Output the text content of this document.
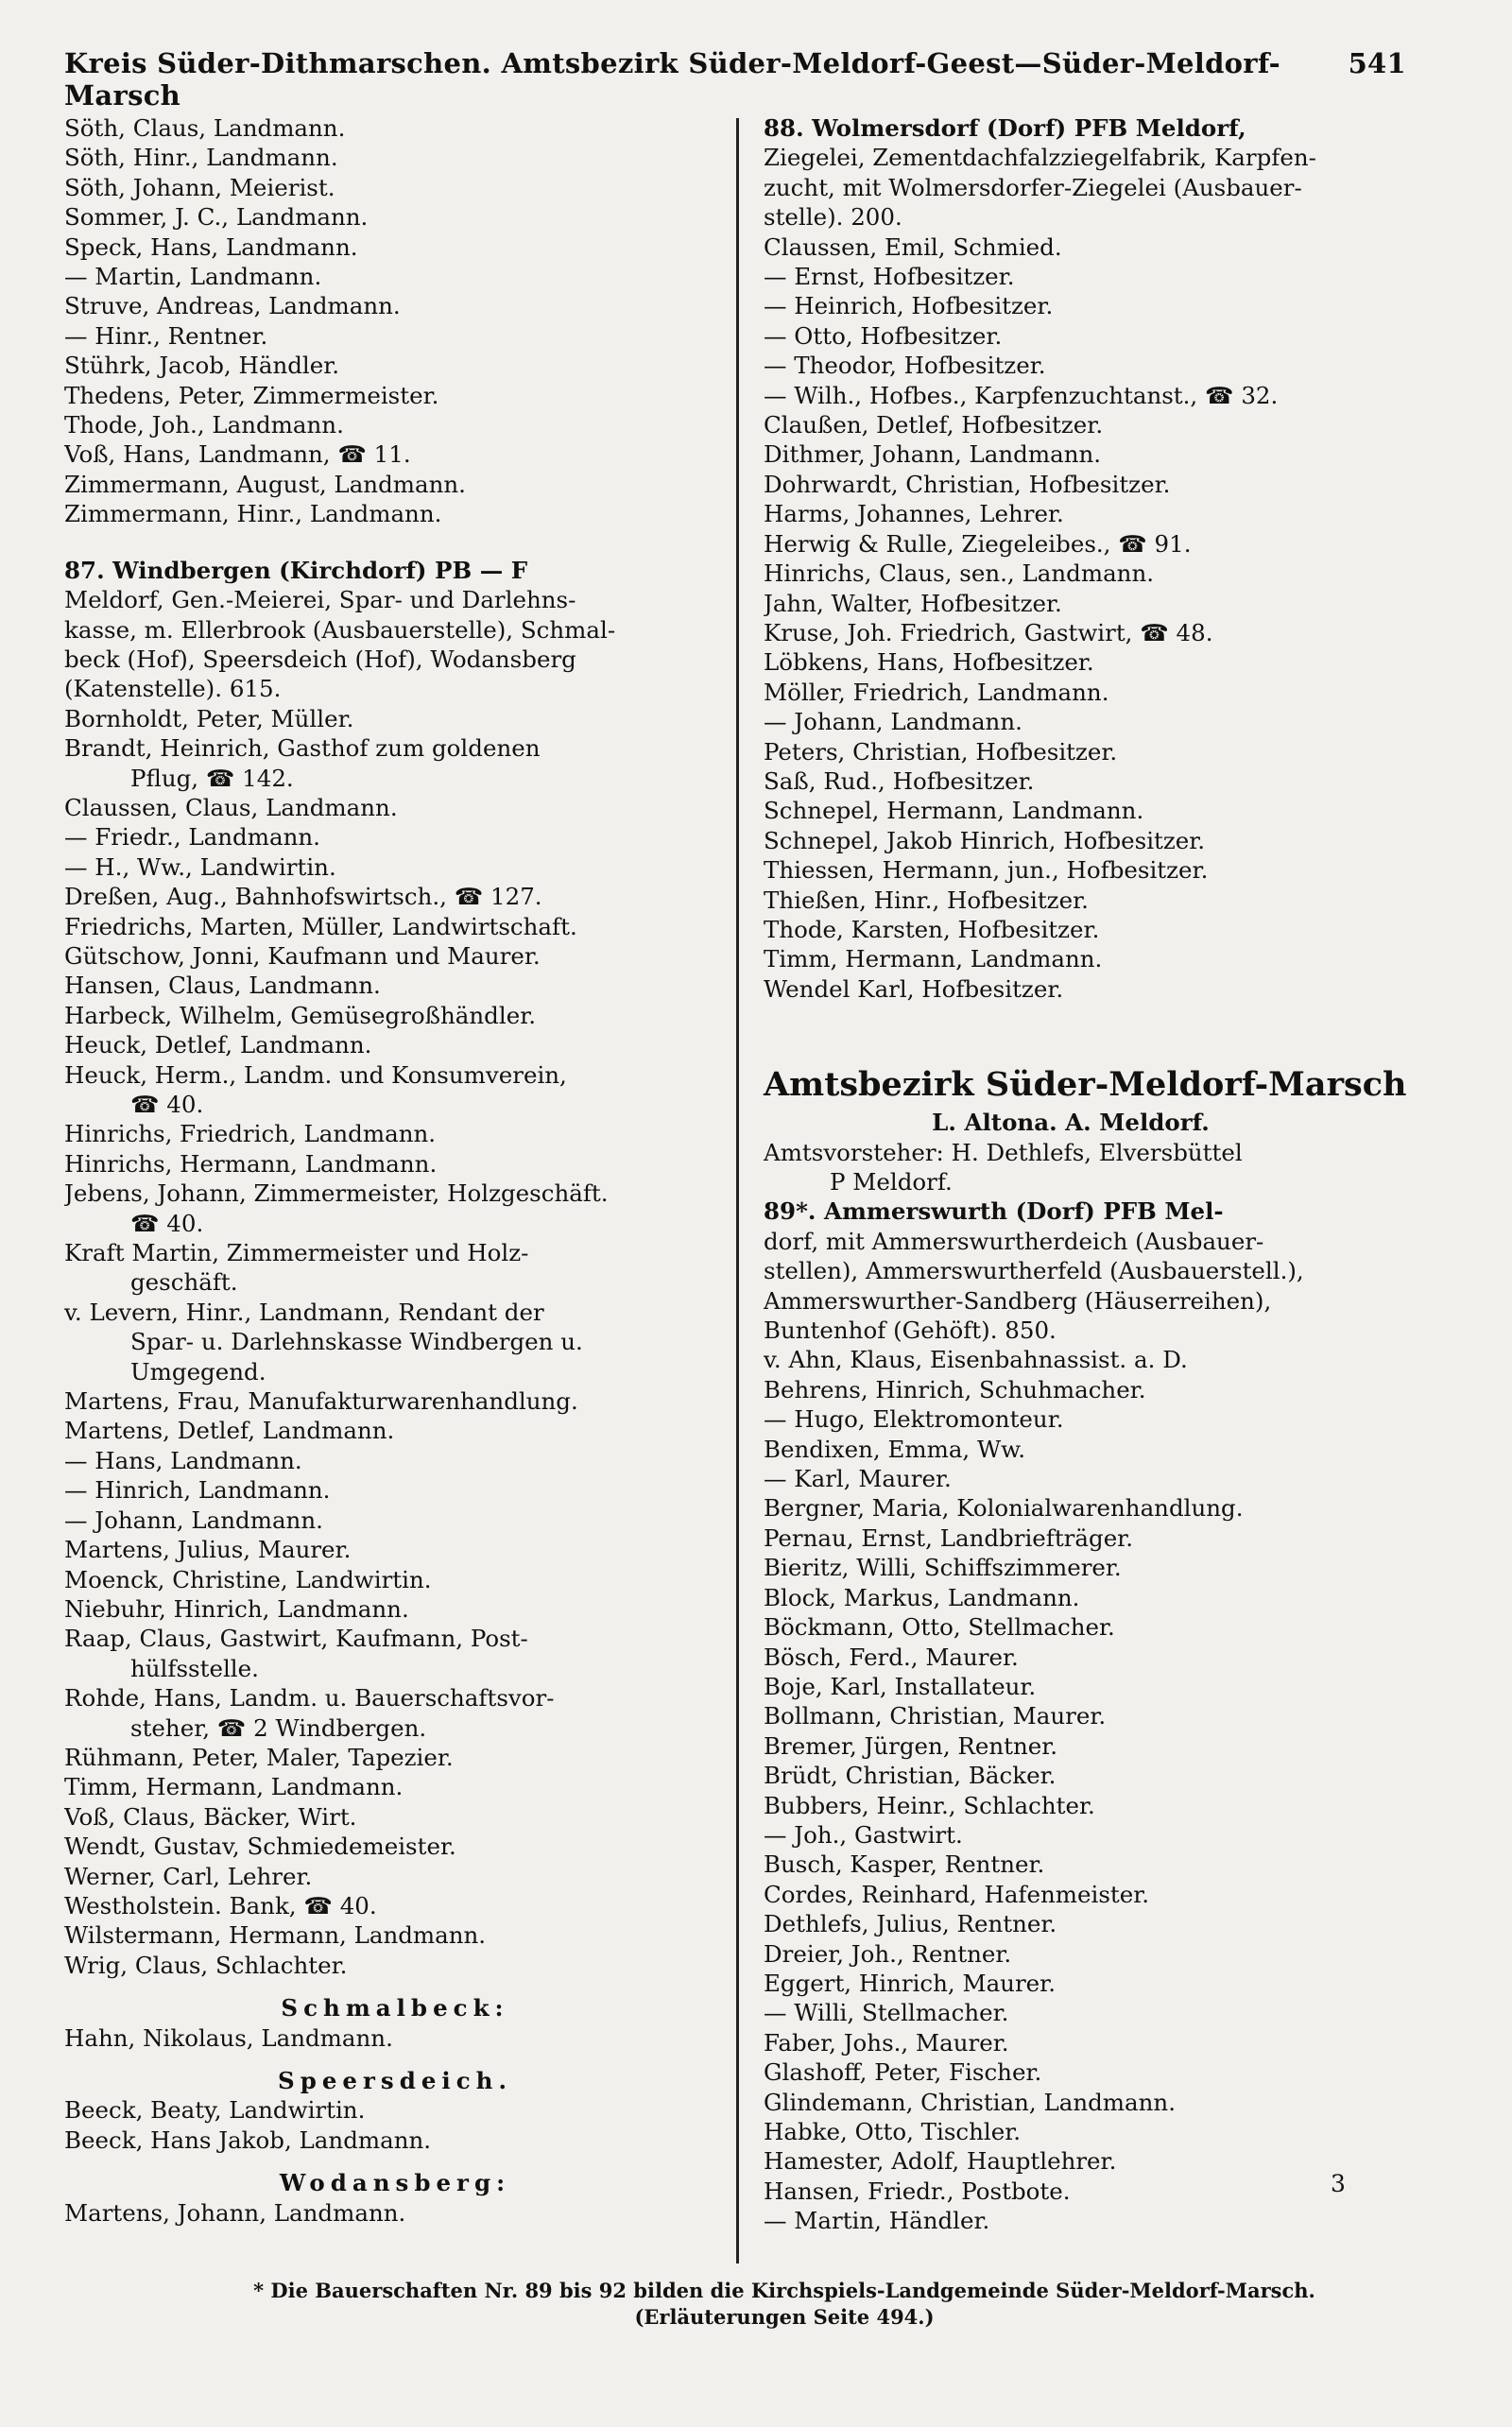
Kreis Süder-Dithmarschen. Amtsbezirk Süder-Meldorf-Geest—Süder-Meldorf-Marsch
541
Söth, Claus, Landmann.
Söth, Hinr., Landmann.
Söth, Johann, Meierist.
Sommer, J. C., Landmann.
Speck, Hans, Landmann.
— Martin, Landmann.
Struve, Andreas, Landmann.
— Hinr., Rentner.
Stührk, Jacob, Händler.
Thedens, Peter, Zimmermeister.
Thode, Joh., Landmann.
Voß, Hans, Landmann, ☎ 11.
Zimmermann, August, Landmann.
Zimmermann, Hinr., Landmann.
87. Windbergen (Kirchdorf) PB — F
Meldorf, Gen.-Meierei, Spar- und Darlehns-
kasse, m. Ellerbrook (Ausbauerstelle), Schmal-
beck (Hof), Speersdeich (Hof), Wodansberg
(Katenstelle). 615.
Bornholdt, Peter, Müller.
Brandt, Heinrich, Gasthof zum goldenen
Pflug, ☎ 142.
Claussen, Claus, Landmann.
— Friedr., Landmann.
— H., Ww., Landwirtin.
Dreßen, Aug., Bahnhofswirtsch., ☎ 127.
Friedrichs, Marten, Müller, Landwirtschaft.
Gütschow, Jonni, Kaufmann und Maurer.
Hansen, Claus, Landmann.
Harbeck, Wilhelm, Gemüsegroßhändler.
Heuck, Detlef, Landmann.
Heuck, Herm., Landm. und Konsumverein,
☎ 40.
Hinrichs, Friedrich, Landmann.
Hinrichs, Hermann, Landmann.
Jebens, Johann, Zimmermeister, Holzgeschäft.
☎ 40.
Kraft Martin, Zimmermeister und Holz-
geschäft.
v. Levern, Hinr., Landmann, Rendant der
Spar- u. Darlehnskasse Windbergen u.
Umgegend.
Martens, Frau, Manufakturwarenhandlung.
Martens, Detlef, Landmann.
— Hans, Landmann.
— Hinrich, Landmann.
— Johann, Landmann.
Martens, Julius, Maurer.
Moenck, Christine, Landwirtin.
Niebuhr, Hinrich, Landmann.
Raap, Claus, Gastwirt, Kaufmann, Post-
hülfsstelle.
Rohde, Hans, Landm. u. Bauerschaftsvor-
steher, ☎ 2 Windbergen.
Rühmann, Peter, Maler, Tapezier.
Timm, Hermann, Landmann.
Voß, Claus, Bäcker, Wirt.
Wendt, Gustav, Schmiedemeister.
Werner, Carl, Lehrer.
Westholstein. Bank, ☎ 40.
Wilstermann, Hermann, Landmann.
Wrig, Claus, Schlachter.
Schmalbeck:
Hahn, Nikolaus, Landmann.
Speersdeich.
Beeck, Beaty, Landwirtin.
Beeck, Hans Jakob, Landmann.
Wodansberg:
Martens, Johann, Landmann.
88. Wolmersdorf (Dorf) PFB Meldorf,
Ziegelei, Zementdachfalzziegelfabrik, Karpfen-
zucht, mit Wolmersdorfer-Ziegelei (Ausbauer-
stelle). 200.
Claussen, Emil, Schmied.
— Ernst, Hofbesitzer.
— Heinrich, Hofbesitzer.
— Otto, Hofbesitzer.
— Theodor, Hofbesitzer.
— Wilh., Hofbes., Karpfenzuchtanst., ☎ 32.
Claußen, Detlef, Hofbesitzer.
Dithmer, Johann, Landmann.
Dohrwardt, Christian, Hofbesitzer.
Harms, Johannes, Lehrer.
Herwig & Rulle, Ziegeleibes., ☎ 91.
Hinrichs, Claus, sen., Landmann.
Jahn, Walter, Hofbesitzer.
Kruse, Joh. Friedrich, Gastwirt, ☎ 48.
Löbkens, Hans, Hofbesitzer.
Möller, Friedrich, Landmann.
— Johann, Landmann.
Peters, Christian, Hofbesitzer.
Saß, Rud., Hofbesitzer.
Schnepel, Hermann, Landmann.
Schnepel, Jakob Hinrich, Hofbesitzer.
Thiessen, Hermann, jun., Hofbesitzer.
Thießen, Hinr., Hofbesitzer.
Thode, Karsten, Hofbesitzer.
Timm, Hermann, Landmann.
Wendel Karl, Hofbesitzer.
Amtsbezirk Süder-Meldorf-Marsch
L. Altona. A. Meldorf.
Amtsvorsteher: H. Dethlefs, Elversbüttel
P Meldorf.
89*. Ammerswurth (Dorf) PFB Mel-
dorf, mit Ammerswurtherdeich (Ausbauer-
stellen), Ammerswurtherfeld (Ausbauerstell.),
Ammerswurther-Sandberg (Häuserreihen),
Buntenhof (Gehöft). 850.
v. Ahn, Klaus, Eisenbahnassist. a. D.
Behrens, Hinrich, Schuhmacher.
— Hugo, Elektromonteur.
Bendixen, Emma, Ww.
— Karl, Maurer.
Bergner, Maria, Kolonialwarenhandlung.
Pernau, Ernst, Landbriefträger.
Bieritz, Willi, Schiffszimmerer.
Block, Markus, Landmann.
Böckmann, Otto, Stellmacher.
Bösch, Ferd., Maurer.
Boje, Karl, Installateur.
Bollmann, Christian, Maurer.
Bremer, Jürgen, Rentner.
Brüdt, Christian, Bäcker.
Bubbers, Heinr., Schlachter.
— Joh., Gastwirt.
Busch, Kasper, Rentner.
Cordes, Reinhard, Hafenmeister.
Dethlefs, Julius, Rentner.
Dreier, Joh., Rentner.
Eggert, Hinrich, Maurer.
— Willi, Stellmacher.
Faber, Johs., Maurer.
Glashoff, Peter, Fischer.
Glindemann, Christian, Landmann.
Habke, Otto, Tischler.
Hamester, Adolf, Hauptlehrer.
Hansen, Friedr., Postbote.
— Martin, Händler.
3
* Die Bauerschaften Nr. 89 bis 92 bilden die Kirchspiels-Landgemeinde Süder-Meldorf-Marsch.
(Erläuterungen Seite 494.)
